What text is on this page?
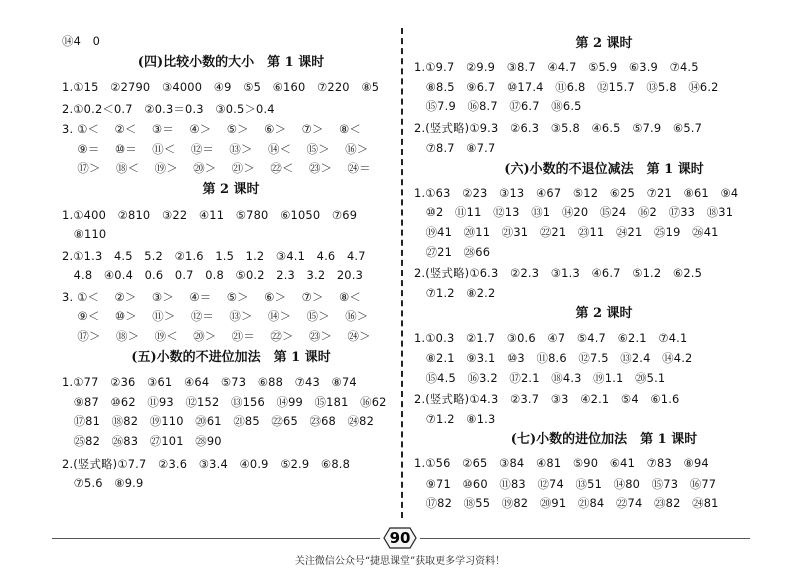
⑭4　0
(四)比较小数的大小　第 1 课时
1.①15　②2790　③4000　④9　⑤5　⑥160　⑦220　⑧5
2.①0.2＜0.7　②0.3＝0.3　③0.5＞0.4
3. ①＜　 ②＜　 ③＝　 ④＞　 ⑤＞　 ⑥＞　 ⑦＞　 ⑧＜
　 ⑨＝　 ⑩＝　 ⑪＜　 ⑫＝　 ⑬＞　 ⑭＜　 ⑮＞　 ⑯＞
　 ⑰＞　 ⑱＜　 ⑲＞　 ⑳＞　 ㉑＞　 ㉒＜　 ㉓＞　 ㉔＝
第 2 课时
1.①400　②810　③22　④11　⑤780　⑥1050　⑦69
　⑧110
2.①1.3　4.5　5.2　②1.6　1.5　1.2　③4.1　4.6　4.7
　4.8　④0.4　0.6　0.7　0.8　⑤0.2　2.3　3.2　20.3
3. ①＜　 ②＞　 ③＞　 ④＝　 ⑤＞　 ⑥＞　 ⑦＞　 ⑧＜
　 ⑨＜　 ⑩＞　 ⑪＞　 ⑫＝　 ⑬＞　 ⑭＞　 ⑮＞　 ⑯＞
　 ⑰＞　 ⑱＞　 ⑲＜　 ⑳＞　 ㉑＝　 ㉒＞　 ㉓＞　 ㉔＞
(五)小数的不进位加法　第 1 课时
1.①77　②36　③61　④64　⑤73　⑥88　⑦43　⑧74
　⑨87　⑩62　⑪93　⑫152　⑬156　⑭99　⑮181　⑯62
　⑰81　⑱82　⑲110　⑳61　㉑85　㉒65　㉓68　㉔82
　㉕82　㉖83　㉗101　㉘90
2.(竖式略)①7.7　②3.6　③3.4　④0.9　⑤2.9　⑥8.8
　⑦5.6　⑧9.9
第 2 课时
1.①9.7　②9.9　③8.7　④4.7　⑤5.9　⑥3.9　⑦4.5
　⑧8.5　⑨6.7　⑩17.4　⑪6.8　⑫15.7　⑬5.8　⑭6.2
　⑮7.9　⑯8.7　⑰6.7　⑱6.5
2.(竖式略)①9.3　②6.3　③5.8　④6.5　⑤7.9　⑥5.7
　⑦8.7　⑧7.7
(六)小数的不退位减法　第 1 课时
1.①63　②23　③13　④67　⑤12　⑥25　⑦21　⑧61　⑨4
　⑩2　⑪11　⑫13　⑬1　⑭20　⑮24　⑯2　⑰33　⑱31
　⑲41　⑳11　㉑31　㉒21　㉓11　㉔21　㉕19　㉖41
　㉗21　㉘66
2.(竖式略)①6.3　②2.3　③1.3　④6.7　⑤1.2　⑥2.5
　⑦1.2　⑧2.2
第 2 课时
1.①0.3　②1.7　③0.6　④7　⑤4.7　⑥2.1　⑦4.1
　⑧2.1　⑨3.1　⑩3　⑪8.6　⑫7.5　⑬2.4　⑭4.2
　⑮4.5　⑯3.2　⑰2.1　⑱4.3　⑲1.1　⑳5.1
2.(竖式略)①4.3　②3.7　③3　④2.1　⑤4　⑥1.6
　⑦1.2　⑧1.3
(七)小数的进位加法　第 1 课时
1.①56　②65　③84　④81　⑤90　⑥41　⑦83　⑧94
　⑨71　⑩60　⑪83　⑫74　⑬51　⑭80　⑮73　⑯77
　⑰82　⑱55　⑲82　⑳91　㉑84　㉒74　㉓82　㉔81
90
关注微信公众号“捷思课堂”获取更多学习资料！
